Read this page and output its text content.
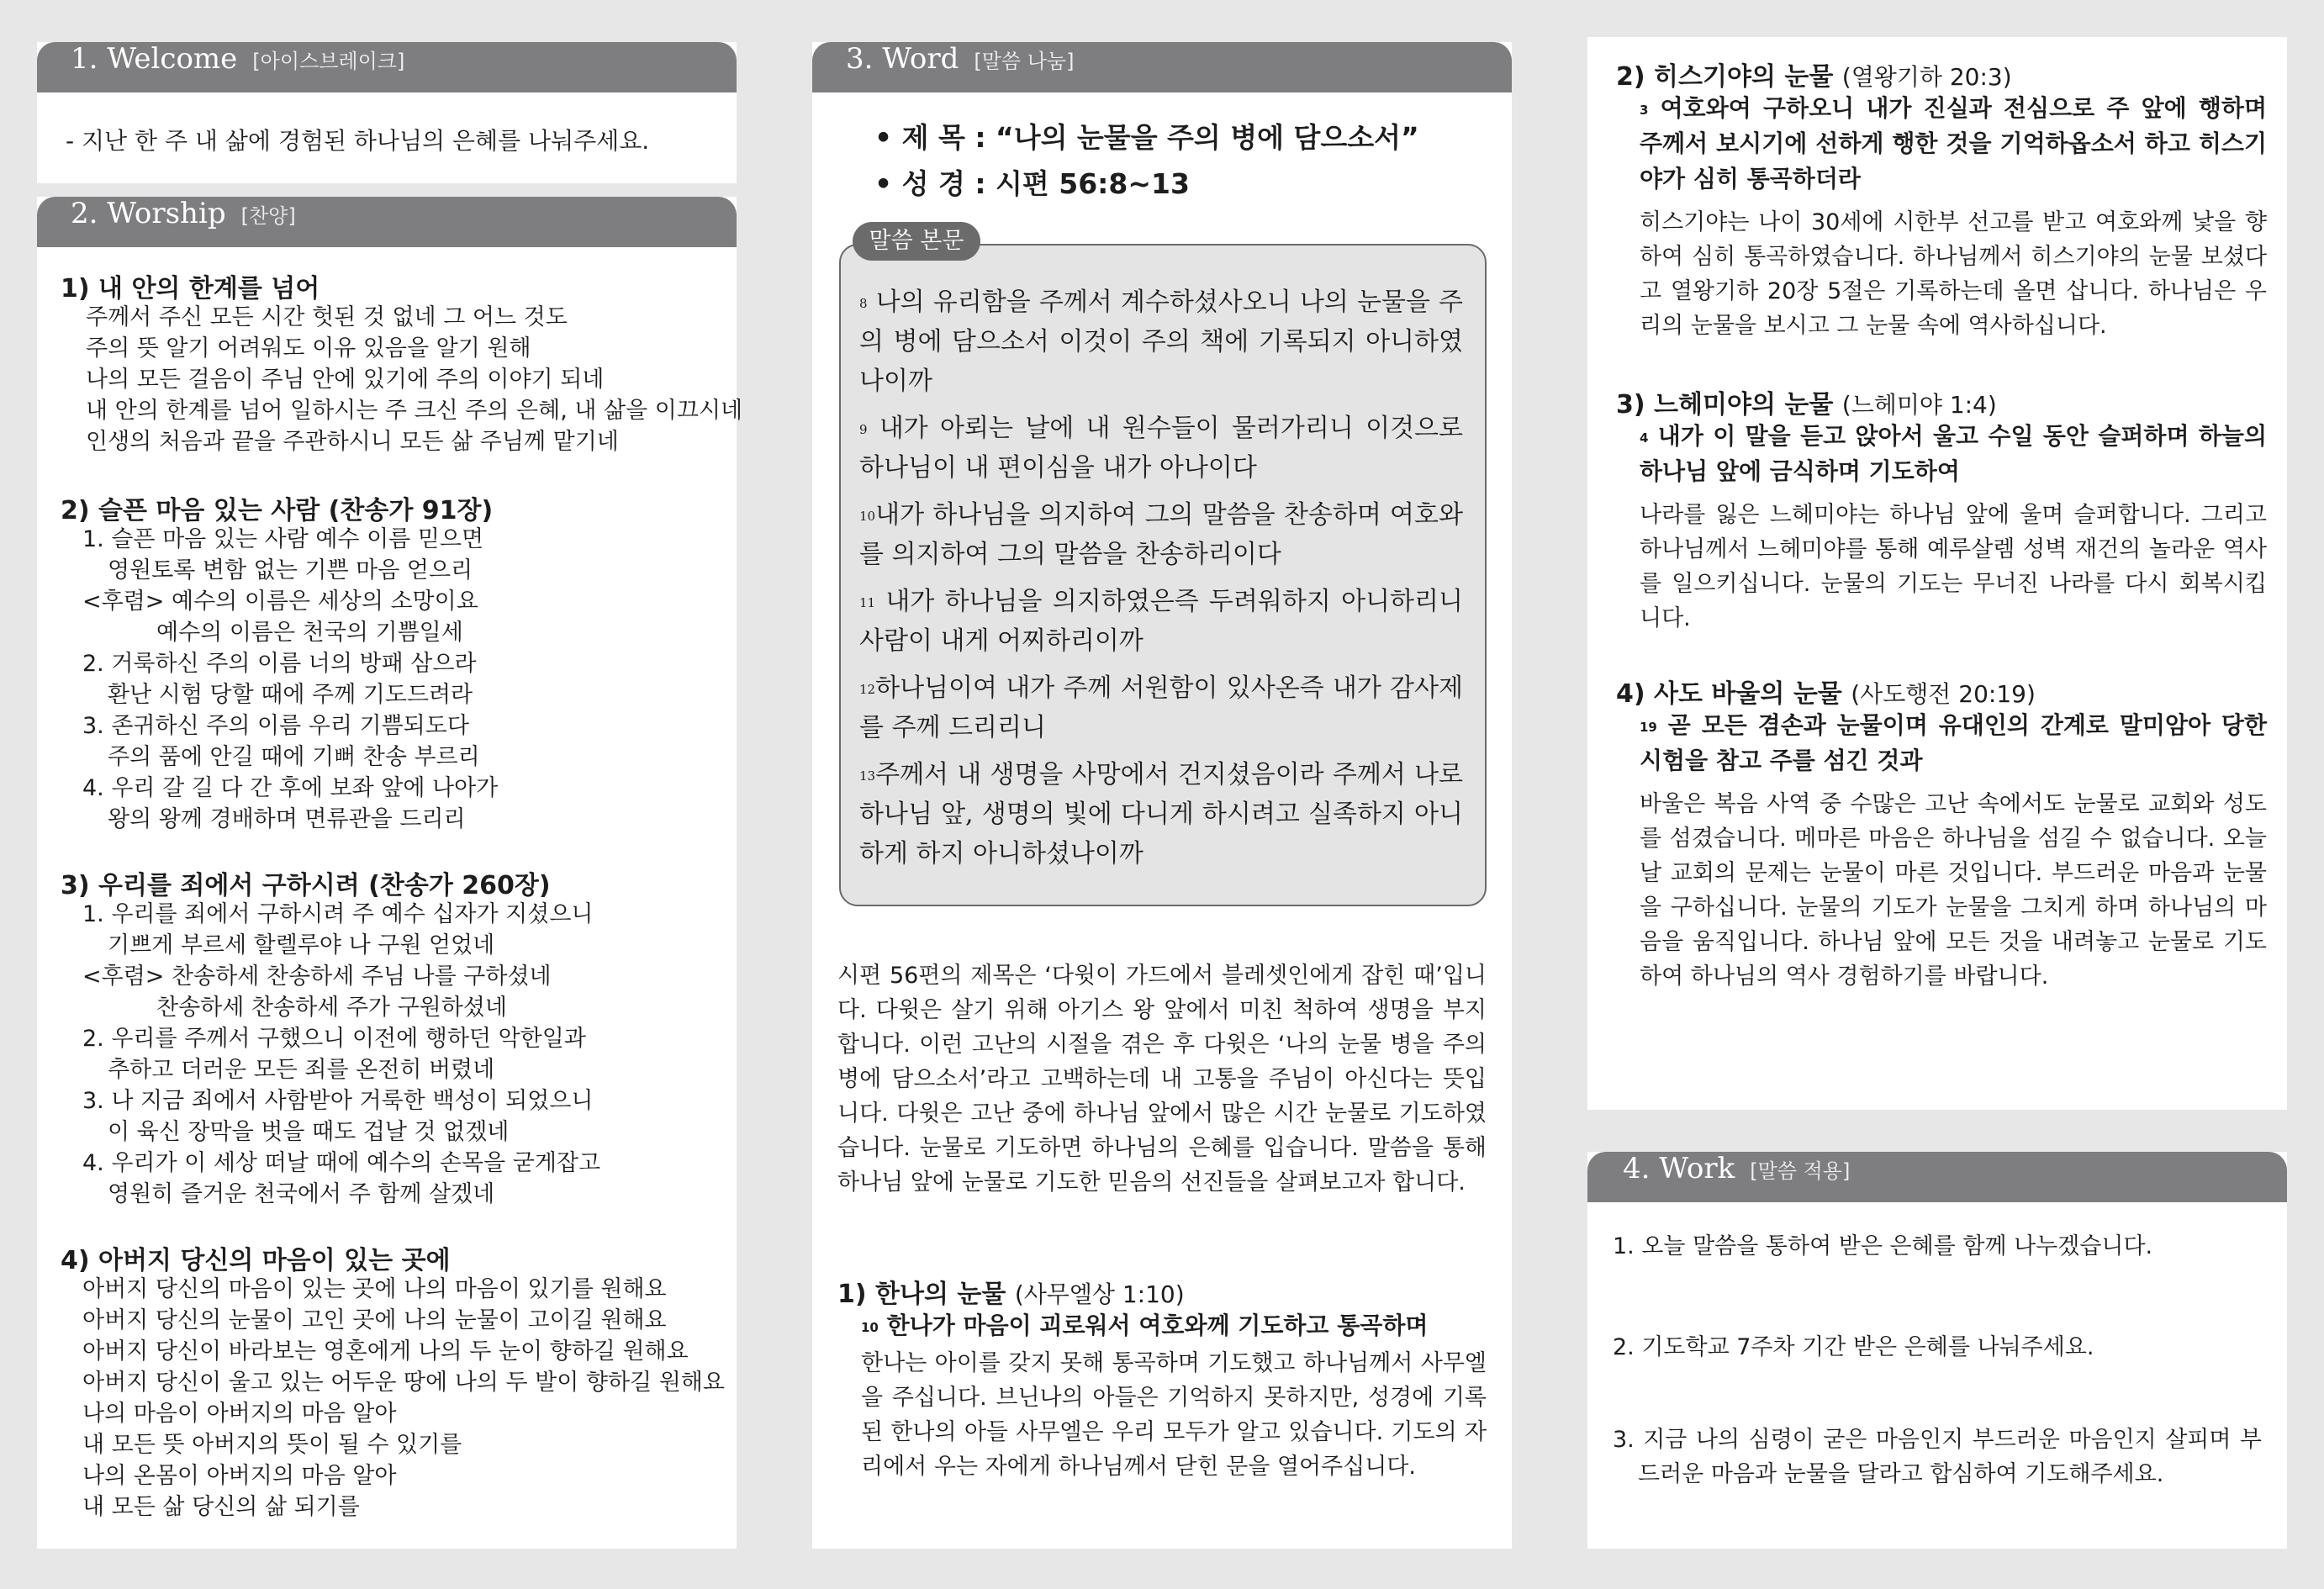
1. Welcome [아이스브레이크]
- 지난 한 주 내 삶에 경험된 하나님의 은혜를 나눠주세요.
2. Worship [찬양]
1) 내 안의 한계를 넘어
주께서 주신 모든 시간 헛된 것 없네 그 어느 것도
주의 뜻 알기 어려워도 이유 있음을 알기 원해
나의 모든 걸음이 주님 안에 있기에 주의 이야기 되네
내 안의 한계를 넘어 일하시는 주 크신 주의 은혜, 내 삶을 이끄시네
인생의 처음과 끝을 주관하시니 모든 삶 주님께 맡기네
2) 슬픈 마음 있는 사람 (찬송가 91장)
1. 슬픈 마음 있는 사람 예수 이름 믿으면
영원토록 변함 없는 기쁜 마음 얻으리
<후렴> 예수의 이름은 세상의 소망이요
예수의 이름은 천국의 기쁨일세
2. 거룩하신 주의 이름 너의 방패 삼으라
환난 시험 당할 때에 주께 기도드려라
3. 존귀하신 주의 이름 우리 기쁨되도다
주의 품에 안길 때에 기뻐 찬송 부르리
4. 우리 갈 길 다 간 후에 보좌 앞에 나아가
왕의 왕께 경배하며 면류관을 드리리
3) 우리를 죄에서 구하시려 (찬송가 260장)
1. 우리를 죄에서 구하시려 주 예수 십자가 지셨으니
기쁘게 부르세 할렐루야 나 구원 얻었네
<후렴> 찬송하세 찬송하세 주님 나를 구하셨네
찬송하세 찬송하세 주가 구원하셨네
2. 우리를 주께서 구했으니 이전에 행하던 악한일과
추하고 더러운 모든 죄를 온전히 버렸네
3. 나 지금 죄에서 사함받아 거룩한 백성이 되었으니
이 육신 장막을 벗을 때도 겁날 것 없겠네
4. 우리가 이 세상 떠날 때에 예수의 손목을 굳게잡고
영원히 즐거운 천국에서 주 함께 살겠네
4) 아버지 당신의 마음이 있는 곳에
아버지 당신의 마음이 있는 곳에 나의 마음이 있기를 원해요
아버지 당신의 눈물이 고인 곳에 나의 눈물이 고이길 원해요
아버지 당신이 바라보는 영혼에게 나의 두 눈이 향하길 원해요
아버지 당신이 울고 있는 어두운 땅에 나의 두 발이 향하길 원해요
나의 마음이 아버지의 마음 알아
내 모든 뜻 아버지의 뜻이 될 수 있기를
나의 온몸이 아버지의 마음 알아
내 모든 삶 당신의 삶 되기를
3. Word [말씀 나눔]
• 제 목 : “나의 눈물을 주의 병에 담으소서”
• 성 경 : 시편 56:8~13
말씀 본문
$^8$ 나의 유리함을 주께서 계수하셨사오니 나의 눈물을 주의 병에 담으소서 이것이 주의 책에 기록되지 아니하였나이까
$^9$ 내가 아뢰는 날에 내 원수들이 물러가리니 이것으로 하나님이 내 편이심을 내가 아나이다
$^{10}$내가 하나님을 의지하여 그의 말씀을 찬송하며 여호와를 의지하여 그의 말씀을 찬송하리이다
$^{11}$ 내가 하나님을 의지하였은즉 두려워하지 아니하리니 사람이 내게 어찌하리이까
$^{12}$하나님이여 내가 주께 서원함이 있사온즉 내가 감사제를 주께 드리리니
$^{13}$주께서 내 생명을 사망에서 건지셨음이라 주께서 나로 하나님 앞, 생명의 빛에 다니게 하시려고 실족하지 아니하게 하지 아니하셨나이까
시편 56편의 제목은 ‘다윗이 가드에서 블레셋인에게 잡힌 때’입니다. 다윗은 살기 위해 아기스 왕 앞에서 미친 척하여 생명을 부지합니다. 이런 고난의 시절을 겪은 후 다윗은 ‘나의 눈물 병을 주의 병에 담으소서’라고 고백하는데 내 고통을 주님이 아신다는 뜻입니다. 다윗은 고난 중에 하나님 앞에서 많은 시간 눈물로 기도하였습니다. 눈물로 기도하면 하나님의 은혜를 입습니다. 말씀을 통해 하나님 앞에 눈물로 기도한 믿음의 선진들을 살펴보고자 합니다.
1) 한나의 눈물 (사무엘상 1:10)
$^{10}$ 한나가 마음이 괴로워서 여호와께 기도하고 통곡하며
한나는 아이를 갖지 못해 통곡하며 기도했고 하나님께서 사무엘을 주십니다. 브닌나의 아들은 기억하지 못하지만, 성경에 기록된 한나의 아들 사무엘은 우리 모두가 알고 있습니다. 기도의 자리에서 우는 자에게 하나님께서 닫힌 문을 열어주십니다.
2) 히스기야의 눈물 (열왕기하 20:3)
$^3$ 여호와여 구하오니 내가 진실과 전심으로 주 앞에 행하며 주께서 보시기에 선하게 행한 것을 기억하옵소서 하고 히스기야가 심히 통곡하더라
히스기야는 나이 30세에 시한부 선고를 받고 여호와께 낯을 향하여 심히 통곡하였습니다. 하나님께서 히스기야의 눈물 보셨다고 열왕기하 20장 5절은 기록하는데 올면 삽니다. 하나님은 우리의 눈물을 보시고 그 눈물 속에 역사하십니다.
3) 느헤미야의 눈물 (느헤미야 1:4)
$^4$ 내가 이 말을 듣고 앉아서 울고 수일 동안 슬퍼하며 하늘의 하나님 앞에 금식하며 기도하여
나라를 잃은 느헤미야는 하나님 앞에 울며 슬퍼합니다. 그리고 하나님께서 느헤미야를 통해 예루살렘 성벽 재건의 놀라운 역사를 일으키십니다. 눈물의 기도는 무너진 나라를 다시 회복시킵니다.
4) 사도 바울의 눈물 (사도행전 20:19)
$^{19}$ 곧 모든 겸손과 눈물이며 유대인의 간계로 말미암아 당한 시험을 참고 주를 섬긴 것과
바울은 복음 사역 중 수많은 고난 속에서도 눈물로 교회와 성도를 섬겼습니다. 메마른 마음은 하나님을 섬길 수 없습니다. 오늘날 교회의 문제는 눈물이 마른 것입니다. 부드러운 마음과 눈물을 구하십니다. 눈물의 기도가 눈물을 그치게 하며 하나님의 마음을 움직입니다. 하나님 앞에 모든 것을 내려놓고 눈물로 기도하여 하나님의 역사 경험하기를 바랍니다.
4. Work [말씀 적용]
1. 오늘 말씀을 통하여 받은 은혜를 함께 나누겠습니다.
2. 기도학교 7주차 기간 받은 은혜를 나눠주세요.
3. 지금 나의 심령이 굳은 마음인지 부드러운 마음인지 살피며 부드러운 마음과 눈물을 달라고 합심하여 기도해주세요.
